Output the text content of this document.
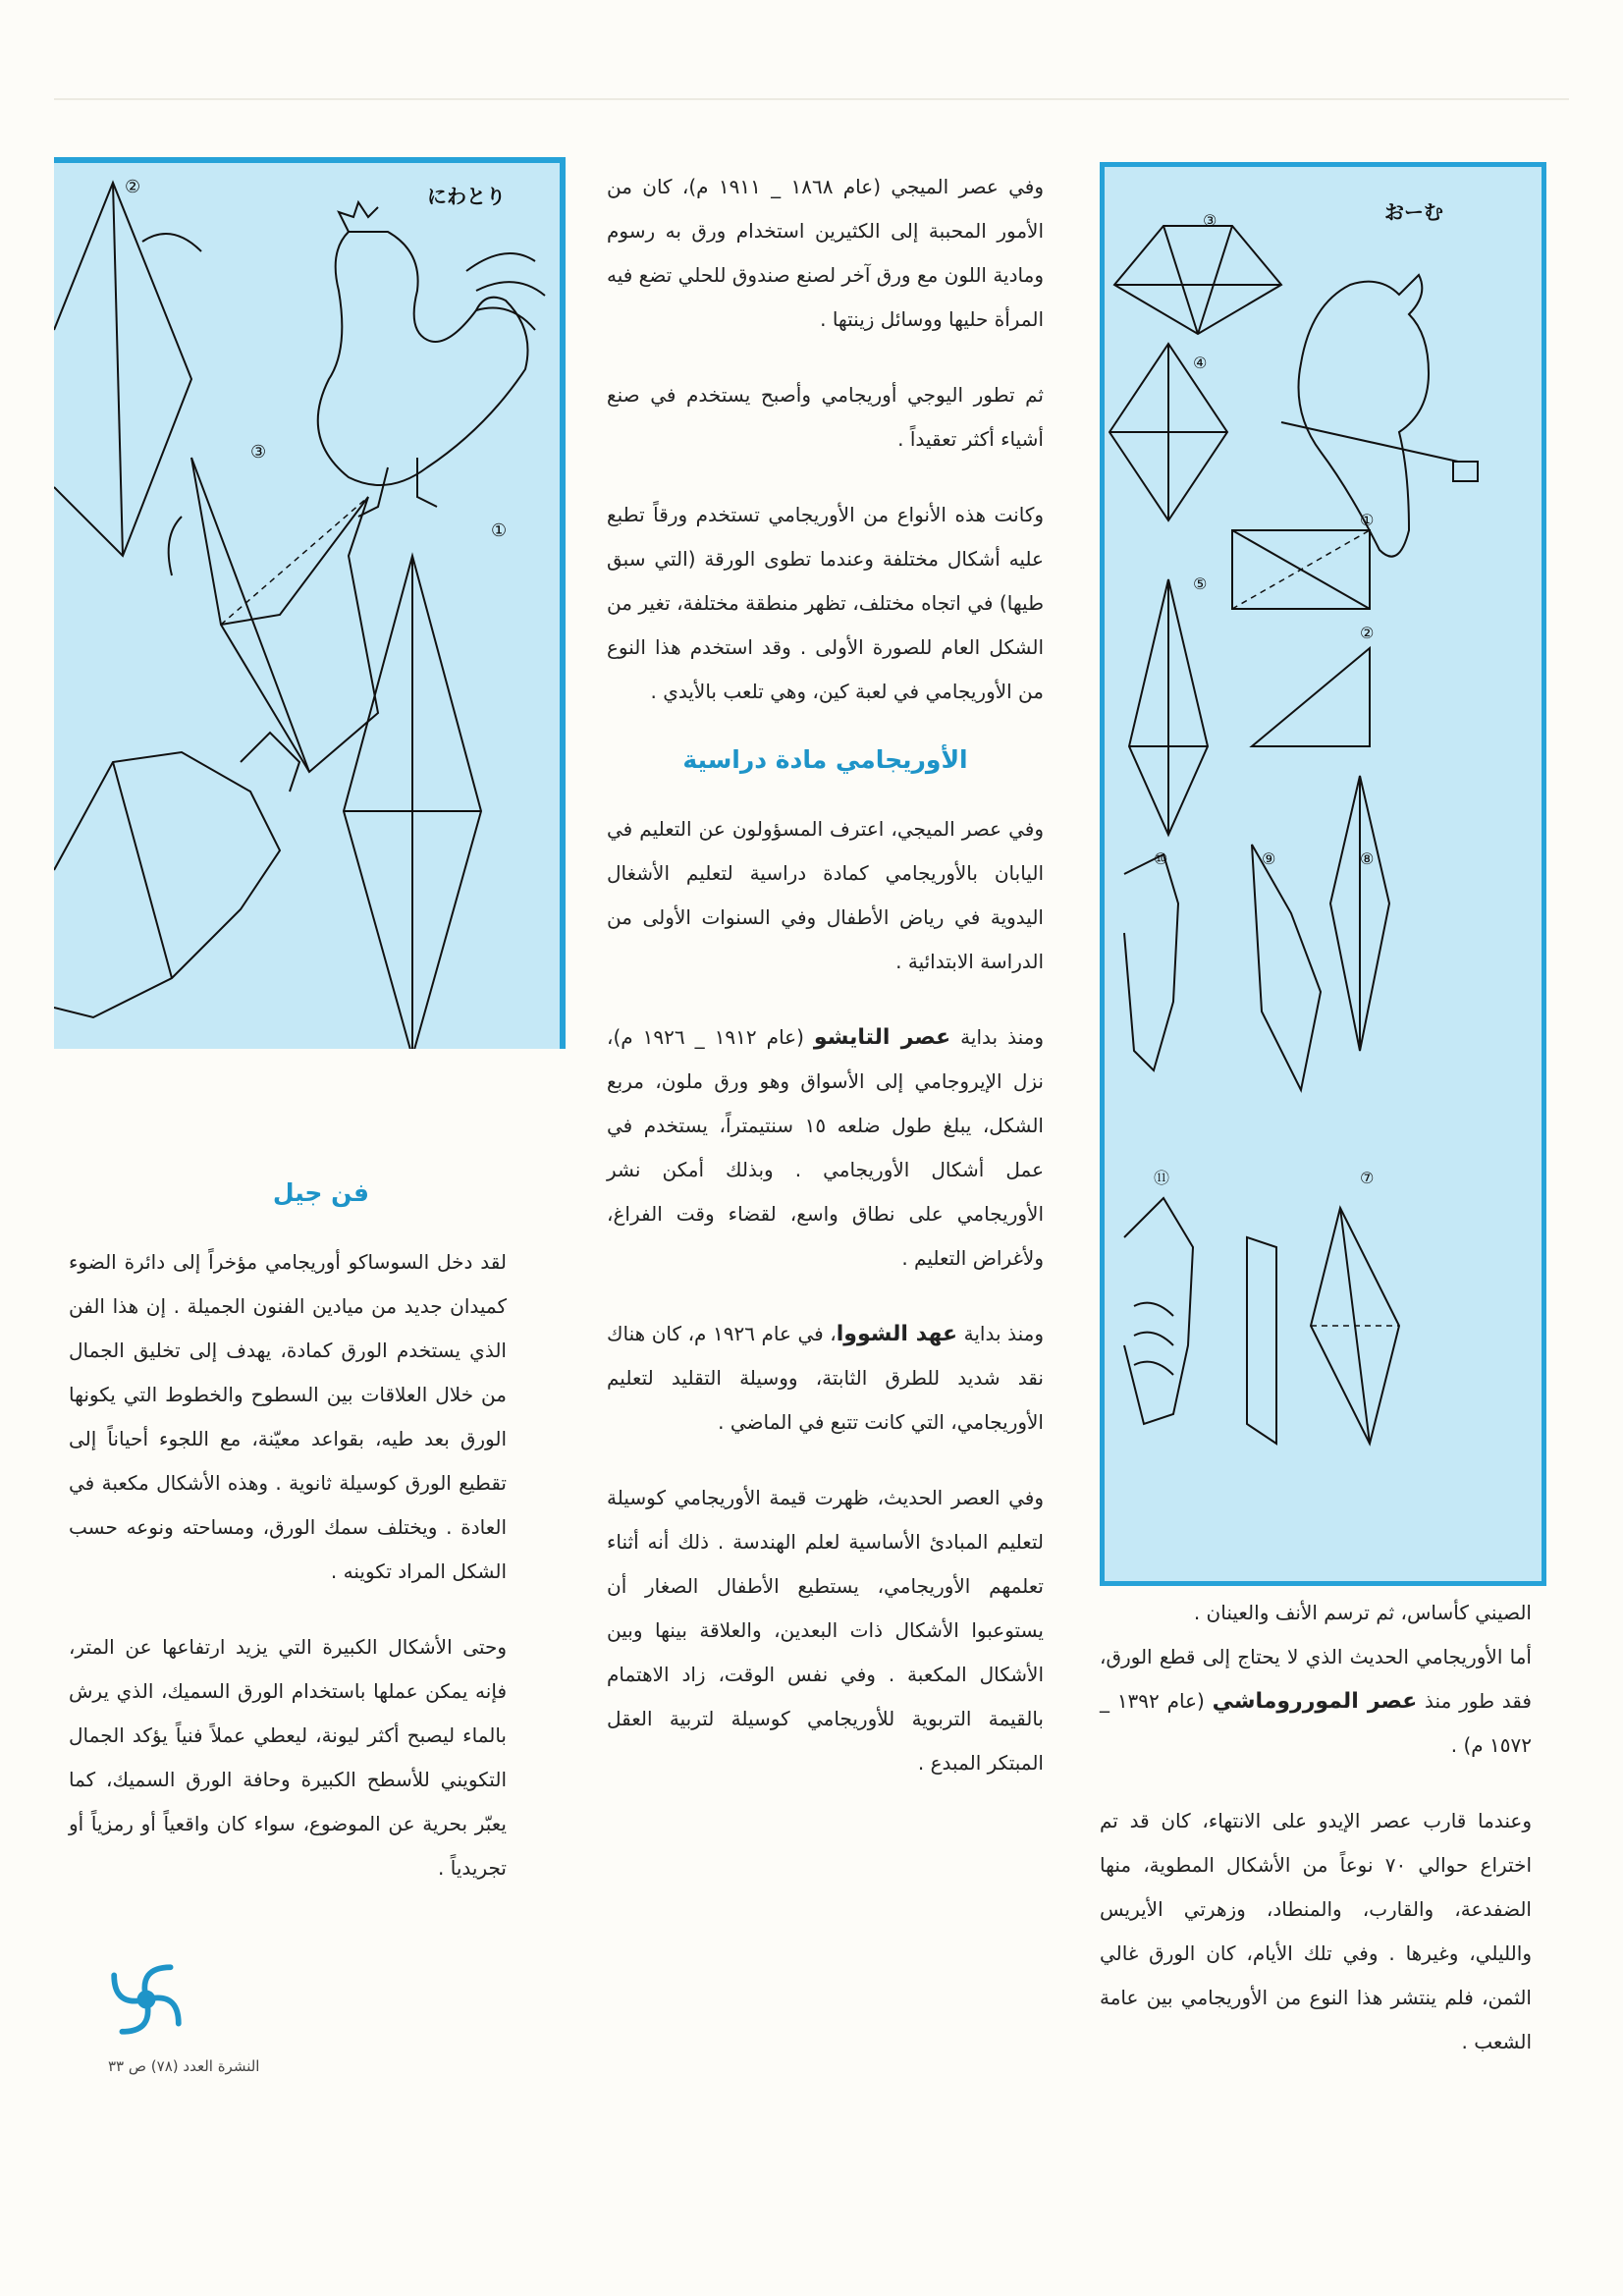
②
③
①
にわとり
③
④
①
⑤
②
⑩	⑨	⑧
⑪	⑦
おーむ

وفي عصر الميجي (عام ١٨٦٨ _ ١٩١١ م)، كان من الأمور المحببة إلى الكثيرين استخدام ورق به رسوم ومادية اللون مع ورق آخر لصنع صندوق للحلي تضع فيه المرأة حليها ووسائل زينتها .

ثم تطور اليوجي أوريجامي وأصبح يستخدم في صنع أشياء أكثر تعقيداً .

وكانت هذه الأنواع من الأوريجامي تستخدم ورقاً تطبع عليه أشكال مختلفة وعندما تطوى الورقة (التي سبق طيها) في اتجاه مختلف، تظهر منطقة مختلفة، تغير من الشكل العام للصورة الأولى . وقد استخدم هذا النوع من الأوريجامي في لعبة كين، وهي تلعب بالأيدي .

الأوريجامي مادة دراسية

وفي عصر الميجي، اعترف المسؤولون عن التعليم في اليابان بالأوريجامي كمادة دراسية لتعليم الأشغال اليدوية في رياض الأطفال وفي السنوات الأولى من الدراسة الابتدائية .

ومنذ بداية عصر التايشو (عام ١٩١٢ _ ١٩٢٦ م)، نزل الإيروجامي إلى الأسواق وهو ورق ملون، مربع الشكل، يبلغ طول ضلعه ١٥ سنتيمتراً، يستخدم في عمل أشكال الأوريجامي . وبذلك أمكن نشر الأوريجامي على نطاق واسع، لقضاء وقت الفراغ، ولأغراض التعليم .

ومنذ بداية عهد الشووا، في عام ١٩٢٦ م، كان هناك نقد شديد للطرق الثابتة، ووسيلة التقليد لتعليم الأوريجامي، التي كانت تتبع في الماضي .

وفي العصر الحديث، ظهرت قيمة الأوريجامي كوسيلة لتعليم المبادئ الأساسية لعلم الهندسة . ذلك أنه أثناء تعلمهم الأوريجامي، يستطيع الأطفال الصغار أن يستوعبوا الأشكال ذات البعدين، والعلاقة بينها وبين الأشكال المكعبة . وفي نفس الوقت، زاد الاهتمام بالقيمة التربوية للأوريجامي كوسيلة لتربية العقل المبتكر المبدع .

الصيني كأساس، ثم ترسم الأنف والعينان .

أما الأوريجامي الحديث الذي لا يحتاج إلى قطع الورق، فقد طور منذ عصر المورروماشي (عام ١٣٩٢ _ ١٥٧٢ م) .

وعندما قارب عصر الإيدو على الانتهاء، كان قد تم اختراع حوالي ٧٠ نوعاً من الأشكال المطوية، منها الضفدعة، والقارب، والمنطاد، وزهرتي الأيريس والليلي، وغيرها . وفي تلك الأيام، كان الورق غالي الثمن، فلم ينتشر هذا النوع من الأوريجامي بين عامة الشعب .

فن جيل

لقد دخل السوساكو أوريجامي مؤخراً إلى دائرة الضوء كميدان جديد من ميادين الفنون الجميلة . إن هذا الفن الذي يستخدم الورق كمادة، يهدف إلى تخليق الجمال من خلال العلاقات بين السطوح والخطوط التي يكونها الورق بعد طيه، بقواعد معيّنة، مع اللجوء أحياناً إلى تقطيع الورق كوسيلة ثانوية . وهذه الأشكال مكعبة في العادة . ويختلف سمك الورق، ومساحته ونوعه حسب الشكل المراد تكوينه .

وحتى الأشكال الكبيرة التي يزيد ارتفاعها عن المتر، فإنه يمكن عملها باستخدام الورق السميك، الذي يرش بالماء ليصبح أكثر ليونة، ليعطي عملاً فنياً يؤكد الجمال التكويني للأسطح الكبيرة وحافة الورق السميك، كما يعبّر بحرية عن الموضوع، سواء كان واقعياً أو رمزياً أو تجريدياً .

النشرة العدد (٧٨) ص ٣٣
